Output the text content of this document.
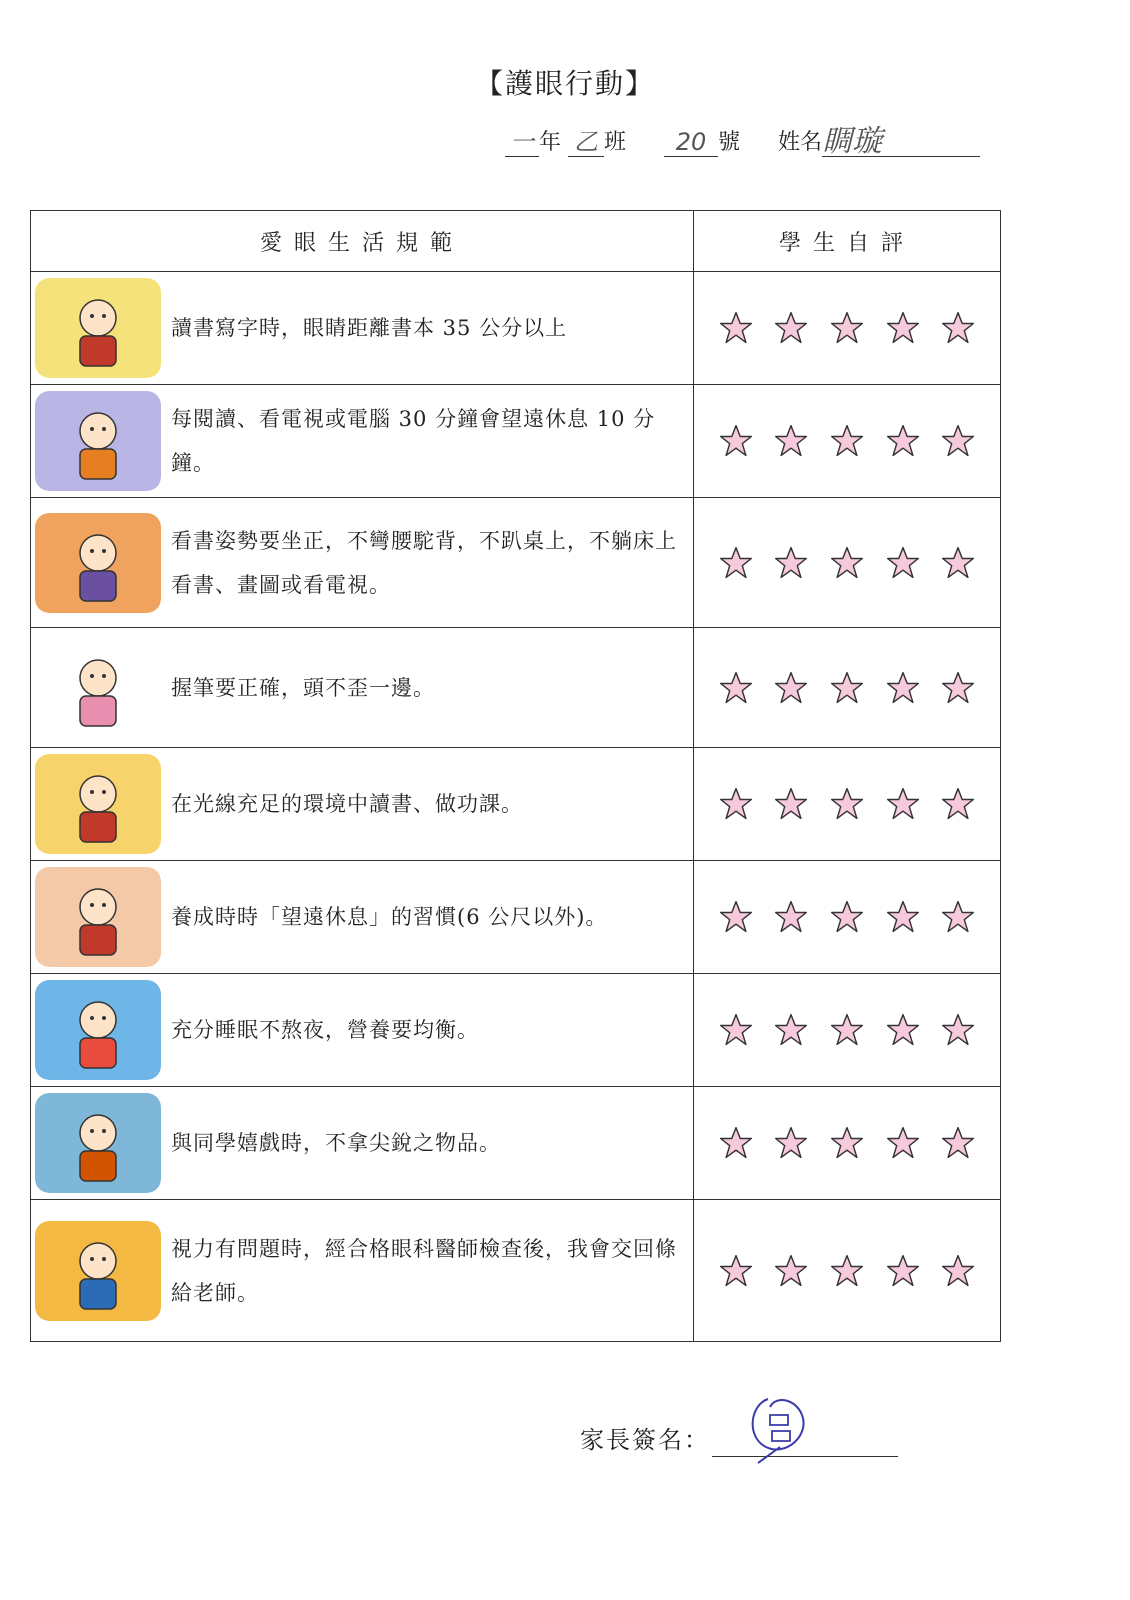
【護眼行動】
一 年 乙 班 20 號 姓名睭璇
愛眼生活規範	學生自評

讀書寫字時，眼睛距離書本 35 公分以上

每閱讀、看電視或電腦 30 分鐘會望遠休息 10 分鐘。

看書姿勢要坐正，不彎腰駝背，不趴桌上，不躺床上看書、畫圖或看電視。

握筆要正確，頭不歪一邊。

在光線充足的環境中讀書、做功課。

養成時時「望遠休息」的習慣(6 公尺以外)。

充分睡眠不熬夜，營養要均衡。

與同學嬉戲時，不拿尖銳之物品。

視力有問題時，經合格眼科醫師檢查後，我會交回條給老師。

家長簽名：
